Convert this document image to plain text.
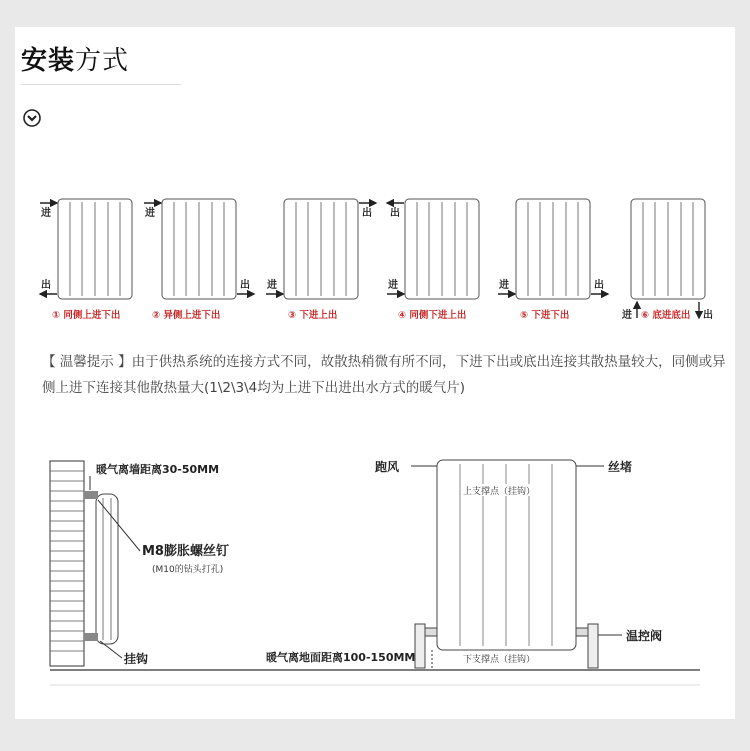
安装方式
进
出
① 同侧上进下出
进
出
② 异侧上进下出
出
进
③ 下进上出
出
进
④ 同侧下进上出
进	出
⑤ 下进下出	进	出
⑥ 底进底出
暖气离墙距离30-50MM
M8膨胀螺丝钉
(M10的钻头打孔)
挂钩
跑风	丝堵
上支撑点（挂钩）
下支撑点（挂钩）
温控阀
暖气离地面距离100-150MM
【 温馨提示 】由于供热系统的连接方式不同，故散热稍微有所不同，下进下出或底出连接其散热量较大，同侧或异侧上进下连接其他散热量大(1\2\3\4均为上进下出进出水方式的暖气片)
